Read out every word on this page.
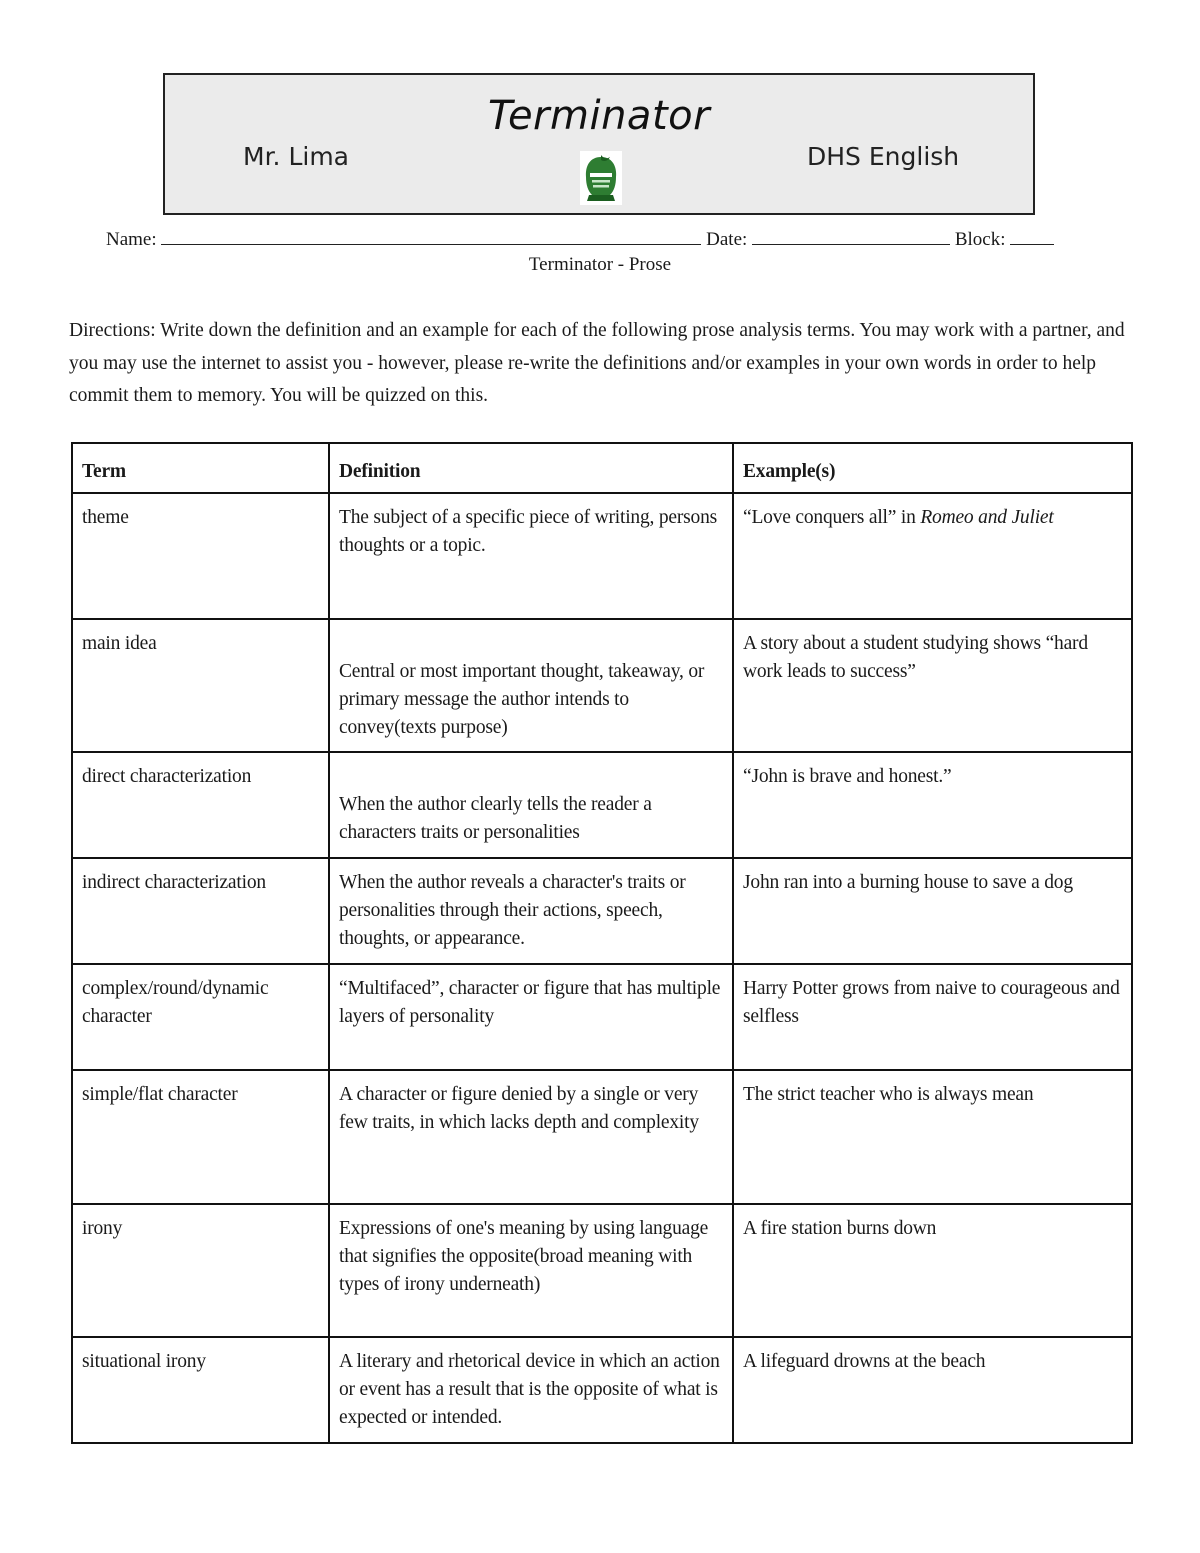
Terminator
Mr. Lima	DHS English
Name:	Date:	Block:
Terminator - Prose
Directions: Write down the definition and an example for each of the following prose analysis terms. You may work with a partner, and you may use the internet to assist you - however, please re-write the definitions and/or examples in your own words in order to help commit them to memory. You will be quizzed on this.
Term	Definition	Example(s)
theme	The subject of a specific piece of writing, persons thoughts or a topic.	“Love conquers all” in Romeo and Juliet
main idea	Central or most important thought, takeaway, or primary message the author intends to convey(texts purpose)	A story about a student studying shows “hard work leads to success”
direct characterization	When the author clearly tells the reader a characters traits or personalities	“John is brave and honest.”
indirect characterization	When the author reveals a character's traits or personalities through their actions, speech, thoughts, or appearance.	John ran into a burning house to save a dog
complex/round/dynamic character	“Multifaced”, character or figure that has multiple layers of personality	Harry Potter grows from naive to courageous and selfless
simple/flat character	A character or figure denied by a single or very few traits, in which lacks depth and complexity	The strict teacher who is always mean
irony	Expressions of one's meaning by using language that signifies the opposite(broad meaning with types of irony underneath)	A fire station burns down
situational irony	A literary and rhetorical device in which an action or event has a result that is the opposite of what is expected or intended.	A lifeguard drowns at the beach
